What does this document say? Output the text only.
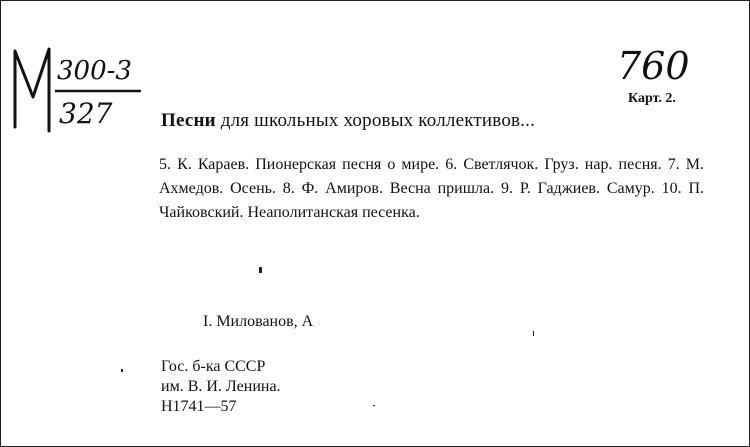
300-3
327
760
Карт. 2.
Песни для школьных хоровых коллективов...
5. К. Караев. Пионерская песня о мире. 6. Светлячок. Груз. нар. песня. 7. М. Ахмедов. Осень. 8. Ф. Амиров. Весна пришла. 9. Р. Гаджиев. Самур. 10. П. Чайковский. Неаполитанская песенка.
I. Милованов, А
Гос. б-ка СССР
им. В. И. Ленина.
Н1741—57
